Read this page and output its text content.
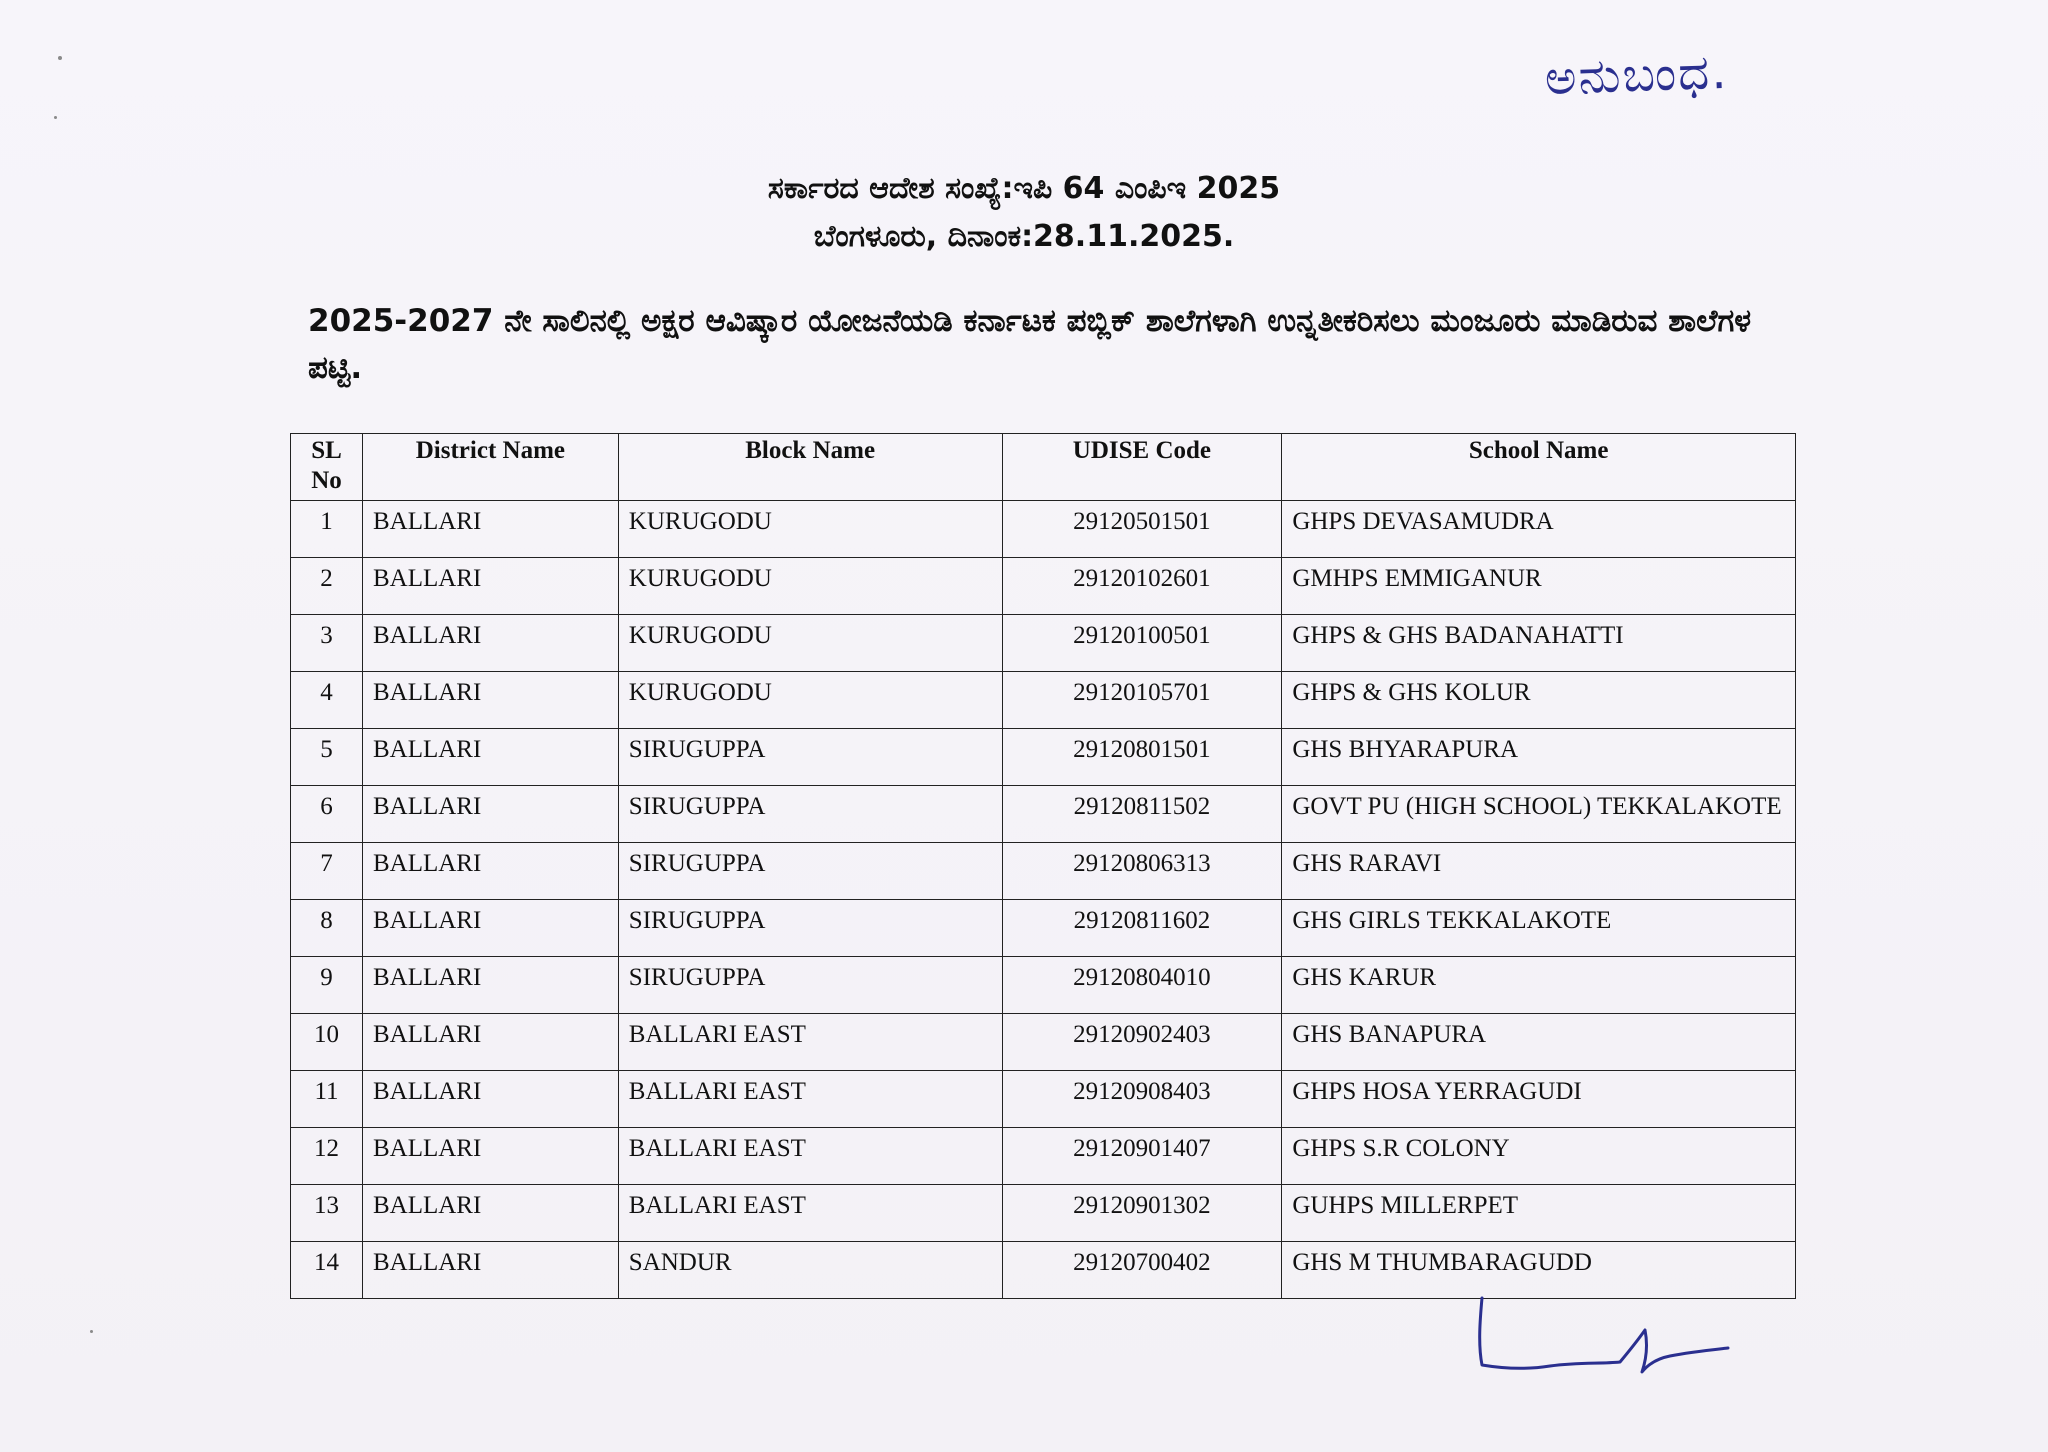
ಅನುಬಂಧ.
ಸರ್ಕಾರದ ಆದೇಶ ಸಂಖ್ಯೆ:ಇಪಿ 64 ಎಂಪಿಇ 2025
ಬೆಂಗಳೂರು, ದಿನಾಂಕ:28.11.2025.
2025-2027 ನೇ ಸಾಲಿನಲ್ಲಿ ಅಕ್ಷರ ಆವಿಷ್ಕಾರ ಯೋಜನೆಯಡಿ ಕರ್ನಾಟಕ ಪಬ್ಲಿಕ್ ಶಾಲೆಗಳಾಗಿ ಉನ್ನತೀಕರಿಸಲು ಮಂಜೂರು ಮಾಡಿರುವ ಶಾಲೆಗಳ ಪಟ್ಟಿ.
SL No	District Name	Block Name	UDISE Code	School Name
1	BALLARI	KURUGODU	29120501501	GHPS DEVASAMUDRA
2	BALLARI	KURUGODU	29120102601	GMHPS EMMIGANUR
3	BALLARI	KURUGODU	29120100501	GHPS & GHS BADANAHATTI
4	BALLARI	KURUGODU	29120105701	GHPS & GHS KOLUR
5	BALLARI	SIRUGUPPA	29120801501	GHS BHYARAPURA
6	BALLARI	SIRUGUPPA	29120811502	GOVT PU (HIGH SCHOOL) TEKKALAKOTE
7	BALLARI	SIRUGUPPA	29120806313	GHS RARAVI
8	BALLARI	SIRUGUPPA	29120811602	GHS GIRLS TEKKALAKOTE
9	BALLARI	SIRUGUPPA	29120804010	GHS KARUR
10	BALLARI	BALLARI EAST	29120902403	GHS BANAPURA
11	BALLARI	BALLARI EAST	29120908403	GHPS HOSA YERRAGUDI
12	BALLARI	BALLARI EAST	29120901407	GHPS S.R COLONY
13	BALLARI	BALLARI EAST	29120901302	GUHPS MILLERPET
14	BALLARI	SANDUR	29120700402	GHS M THUMBARAGUDD
